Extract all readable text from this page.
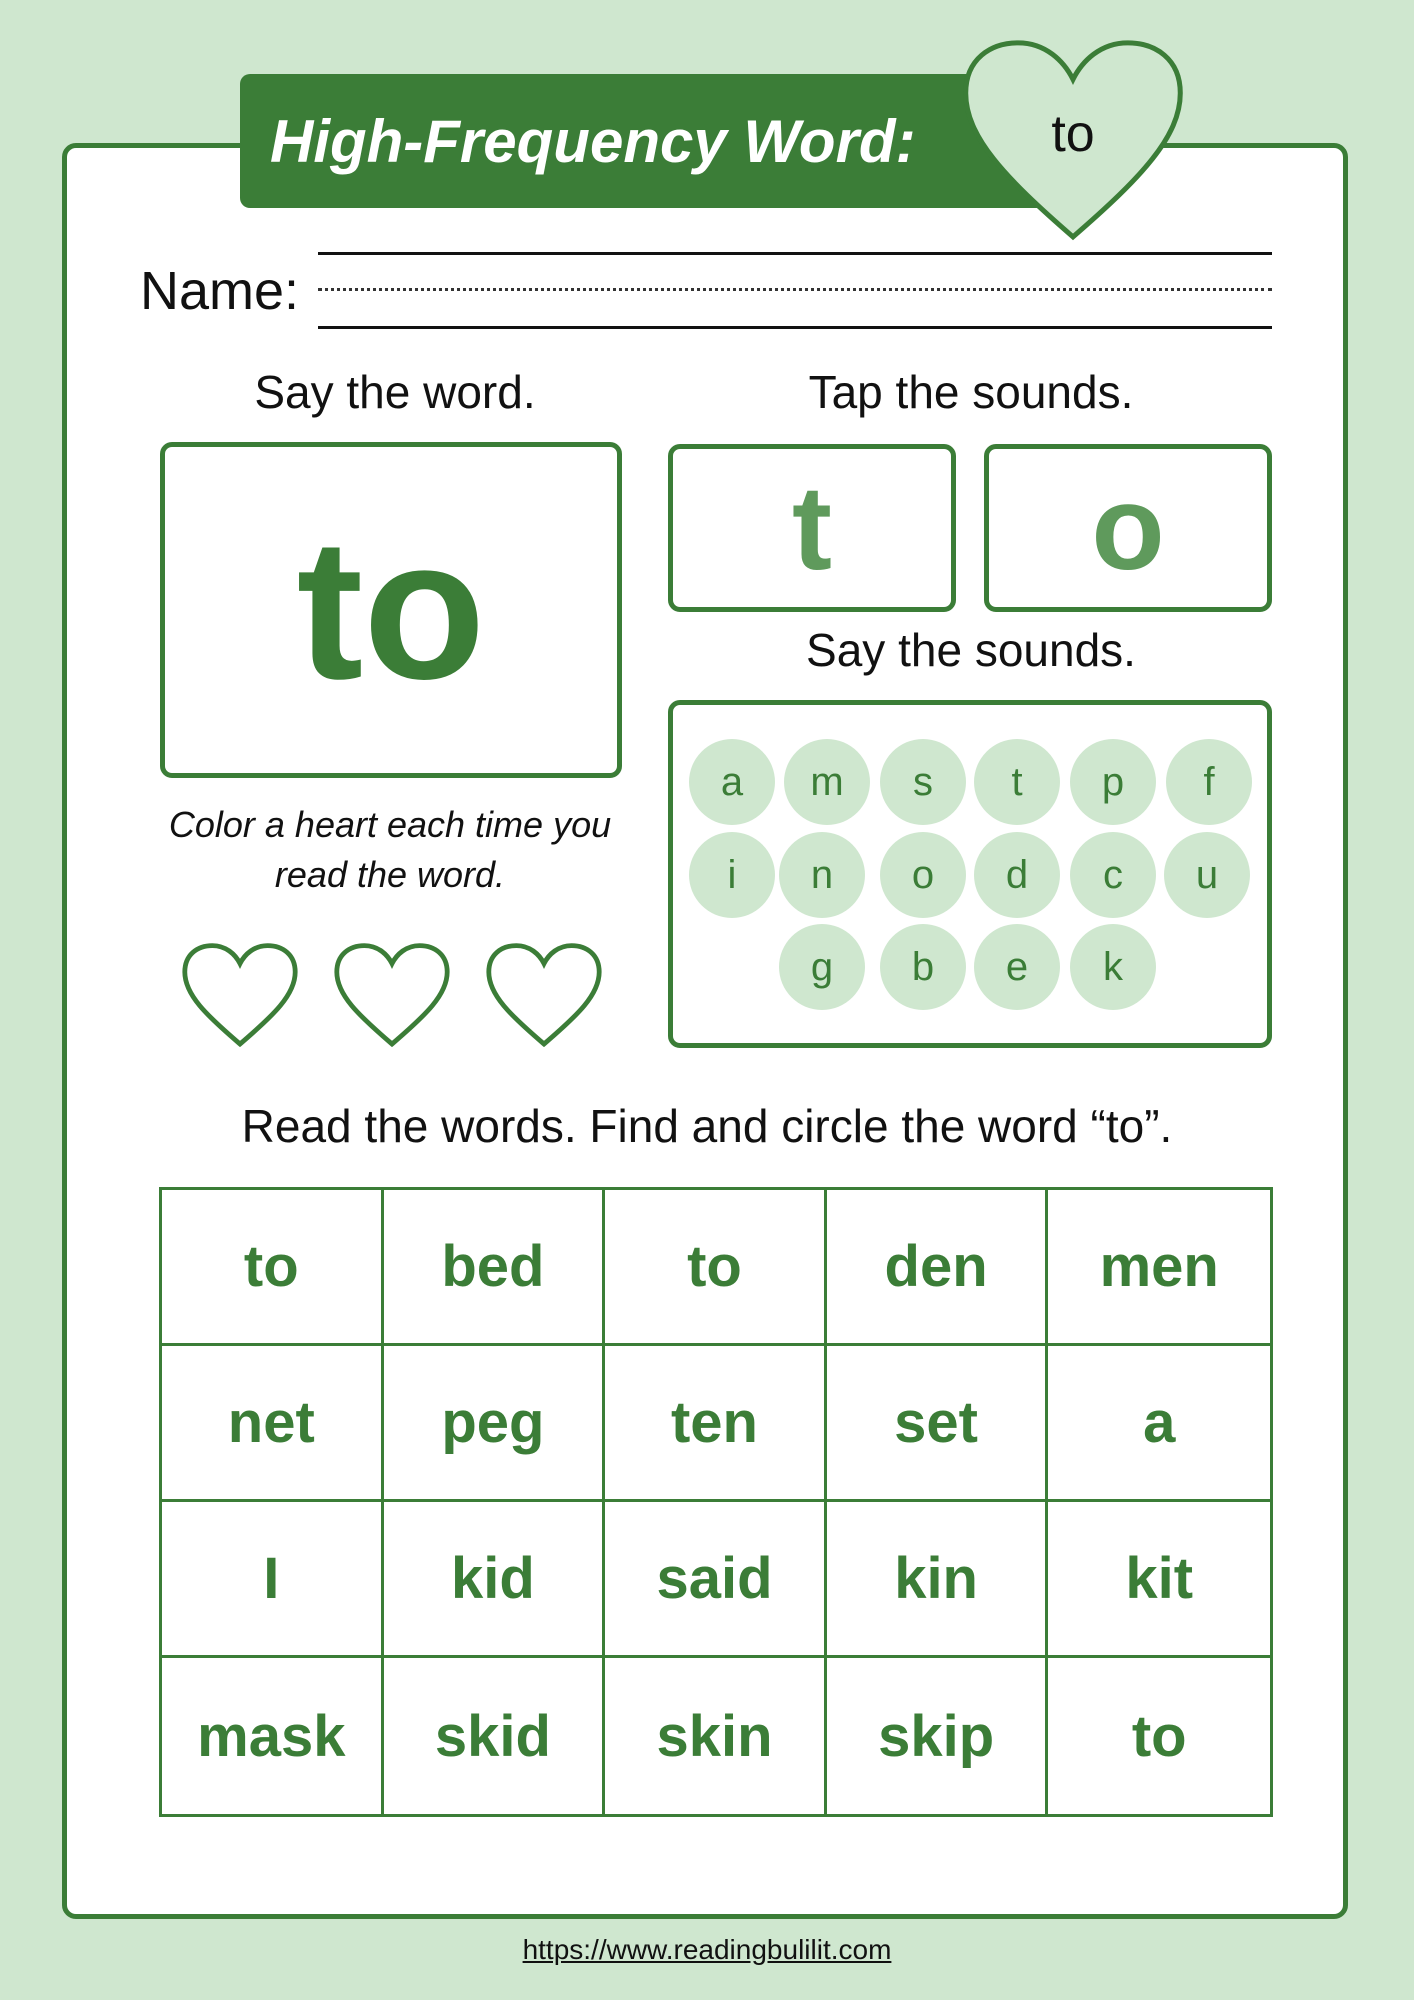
High-Frequency Word:	to
Name:
Say the word.
to
Tap the sounds.
t	o
Say the sounds.
a	m	s	t	p	f
i	n	o	d	c	u
g	b	e	k
Color a heart each time you read the word.
Read the words. Find and circle the word “to”.
to	bed	to	den	men
net	peg	ten	set	a
I	kid	said	kin	kit
mask	skid	skin	skip	to
https://www.readingbulilit.com
